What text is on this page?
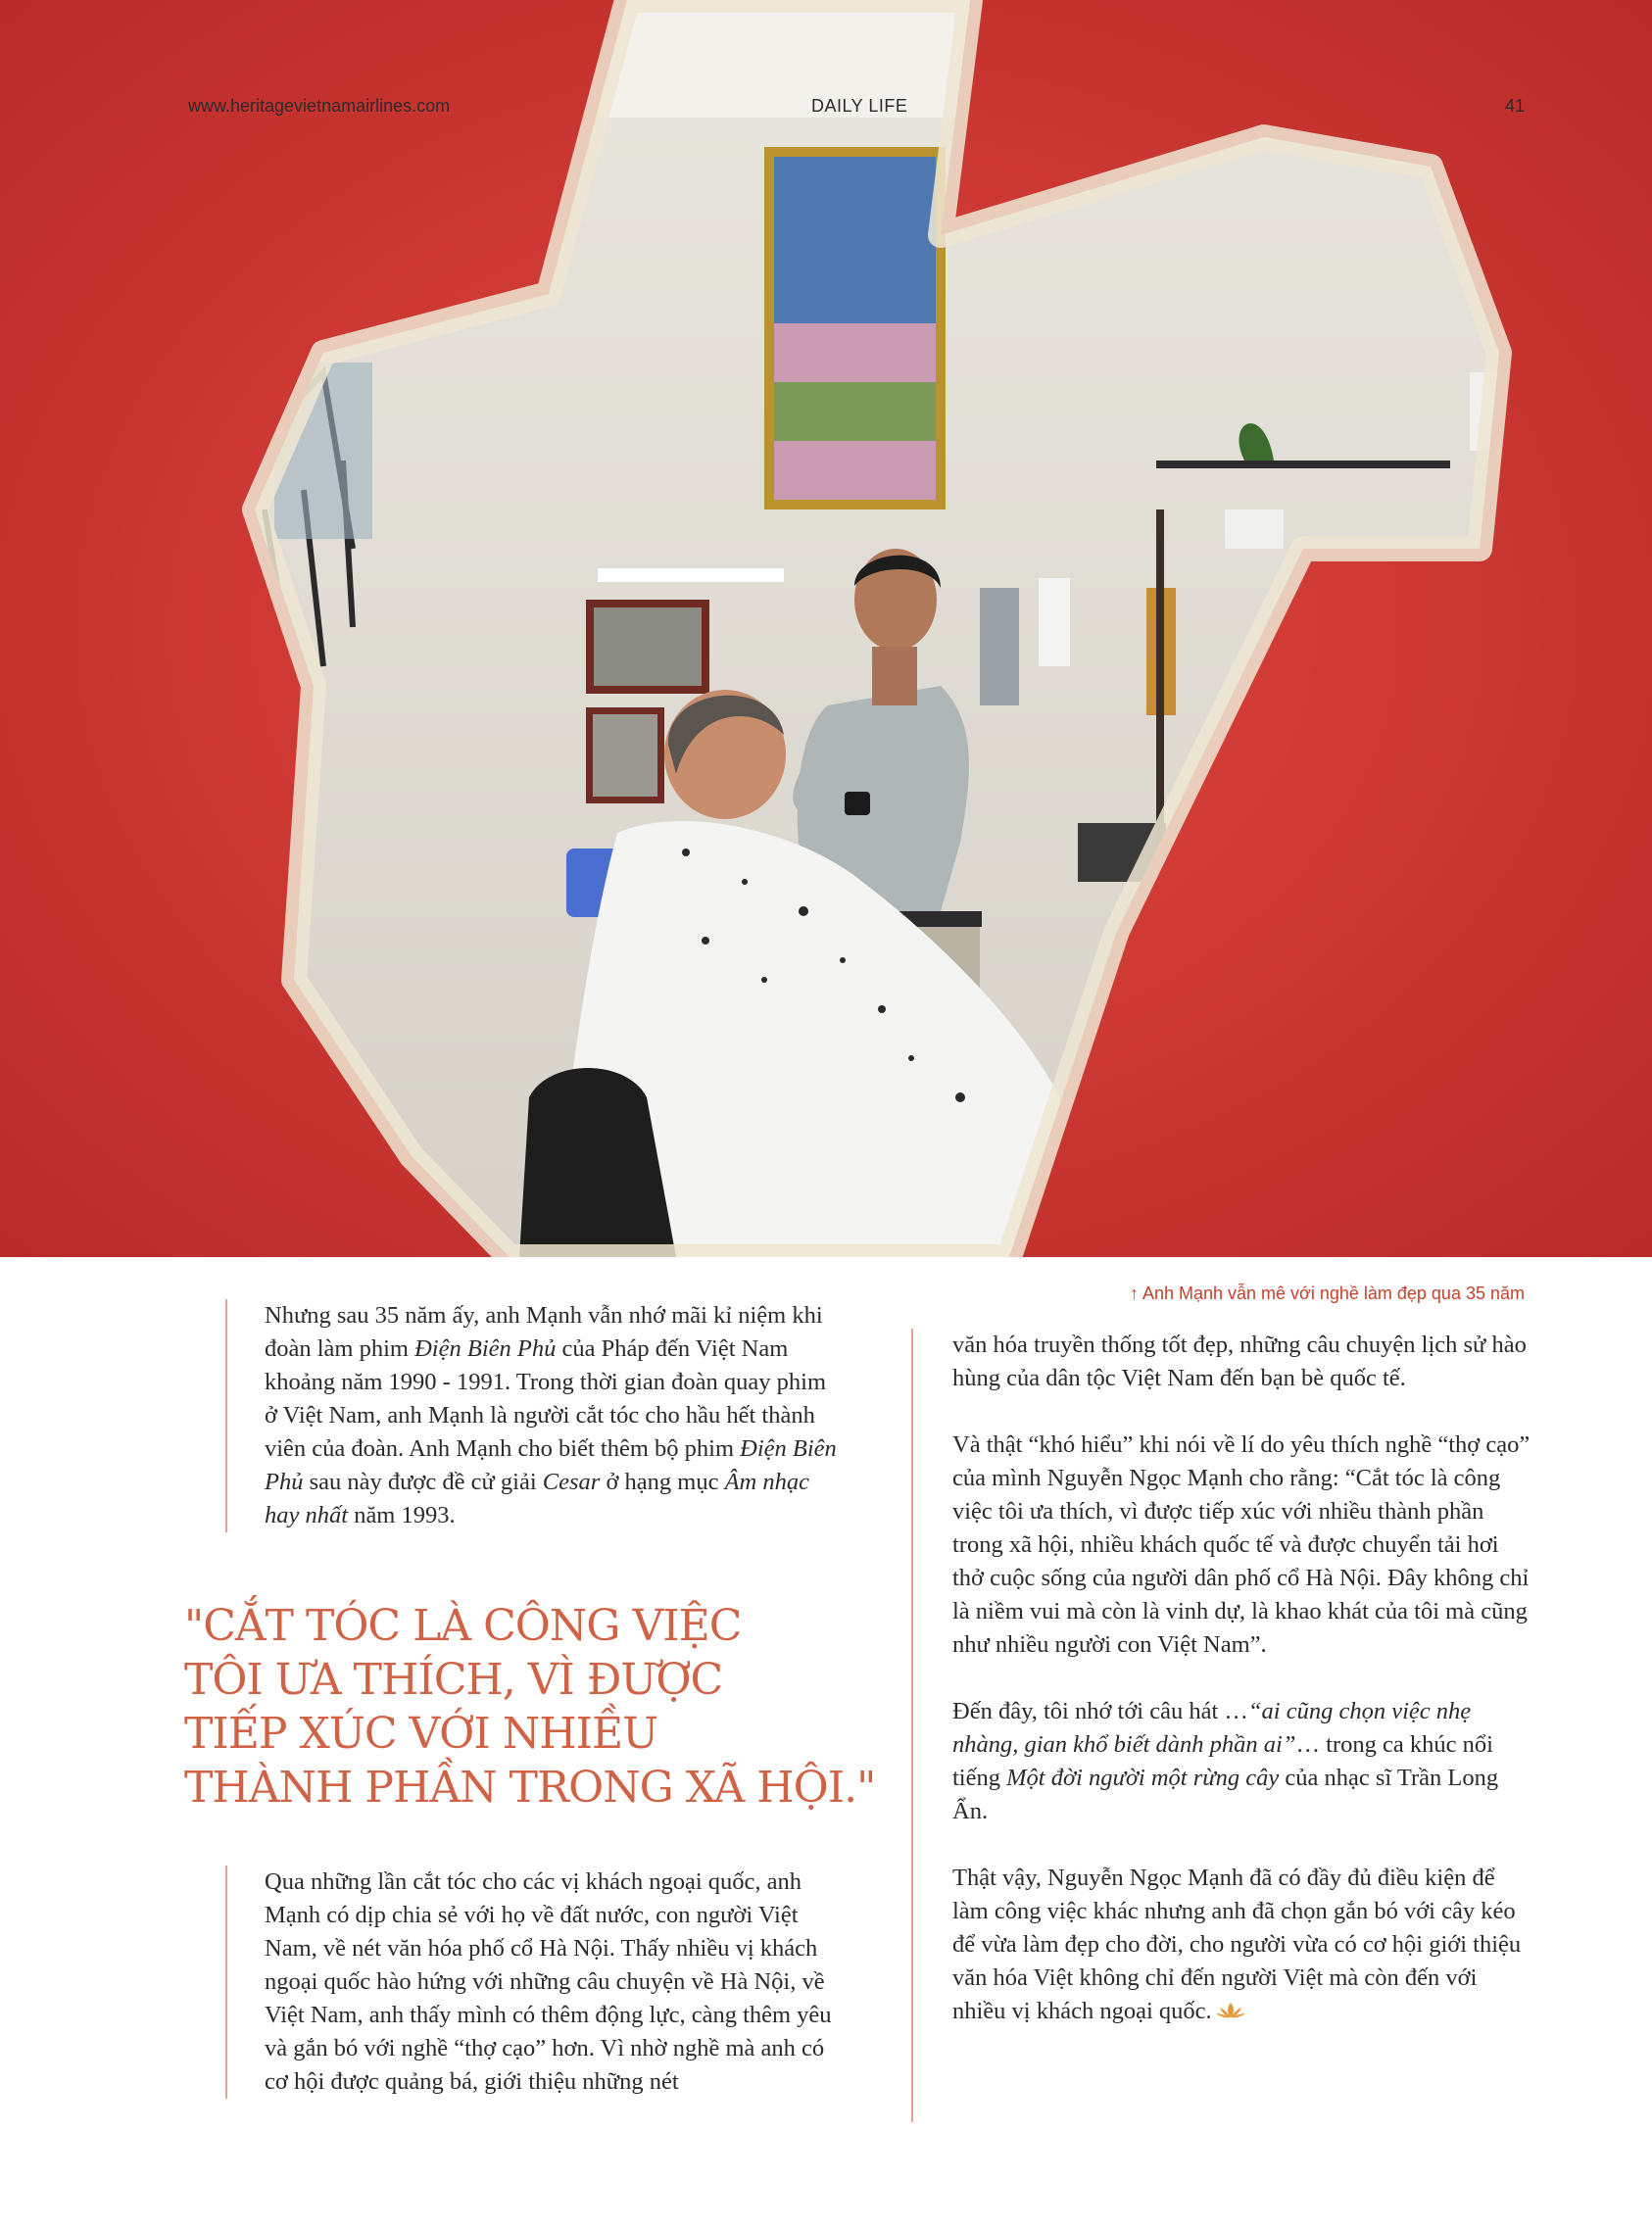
www.heritagevietnamairlines.com	DAILY LIFE	41
↑ Anh Mạnh vẫn mê với nghề làm đẹp qua 35 năm

Nhưng sau 35 năm ấy, anh Mạnh vẫn nhớ mãi kỉ niệm khi đoàn làm phim Điện Biên Phủ của Pháp đến Việt Nam khoảng năm 1990 - 1991. Trong thời gian đoàn quay phim ở Việt Nam, anh Mạnh là người cắt tóc cho hầu hết thành viên của đoàn. Anh Mạnh cho biết thêm bộ phim Điện Biên Phủ sau này được đề cử giải Cesar ở hạng mục Âm nhạc hay nhất năm 1993.

"CẮT TÓC LÀ CÔNG VIỆC
TÔI ƯA THÍCH, VÌ ĐƯỢC
TIẾP XÚC VỚI NHIỀU
THÀNH PHẦN TRONG XÃ HỘI."

Qua những lần cắt tóc cho các vị khách ngoại quốc, anh Mạnh có dịp chia sẻ với họ về đất nước, con người Việt Nam, về nét văn hóa phố cổ Hà Nội. Thấy nhiều vị khách ngoại quốc hào hứng với những câu chuyện về Hà Nội, về Việt Nam, anh thấy mình có thêm động lực, càng thêm yêu và gắn bó với nghề “thợ cạo” hơn. Vì nhờ nghề mà anh có cơ hội được quảng bá, giới thiệu những nét

văn hóa truyền thống tốt đẹp, những câu chuyện lịch sử hào hùng của dân tộc Việt Nam đến bạn bè quốc tế.

Và thật “khó hiểu” khi nói về lí do yêu thích nghề “thợ cạo” của mình Nguyễn Ngọc Mạnh cho rằng: “Cắt tóc là công việc tôi ưa thích, vì được tiếp xúc với nhiều thành phần trong xã hội, nhiều khách quốc tế và được chuyển tải hơi thở cuộc sống của người dân phố cổ Hà Nội. Đây không chỉ là niềm vui mà còn là vinh dự, là khao khát của tôi mà cũng như nhiều người con Việt Nam”.

Đến đây, tôi nhớ tới câu hát …“ai cũng chọn việc nhẹ nhàng, gian khổ biết dành phần ai”… trong ca khúc nổi tiếng Một đời người một rừng cây của nhạc sĩ Trần Long Ẩn.

Thật vậy, Nguyễn Ngọc Mạnh đã có đầy đủ điều kiện để làm công việc khác nhưng anh đã chọn gắn bó với cây kéo để vừa làm đẹp cho đời, cho người vừa có cơ hội giới thiệu văn hóa Việt không chỉ đến người Việt mà còn đến với nhiều vị khách ngoại quốc.
